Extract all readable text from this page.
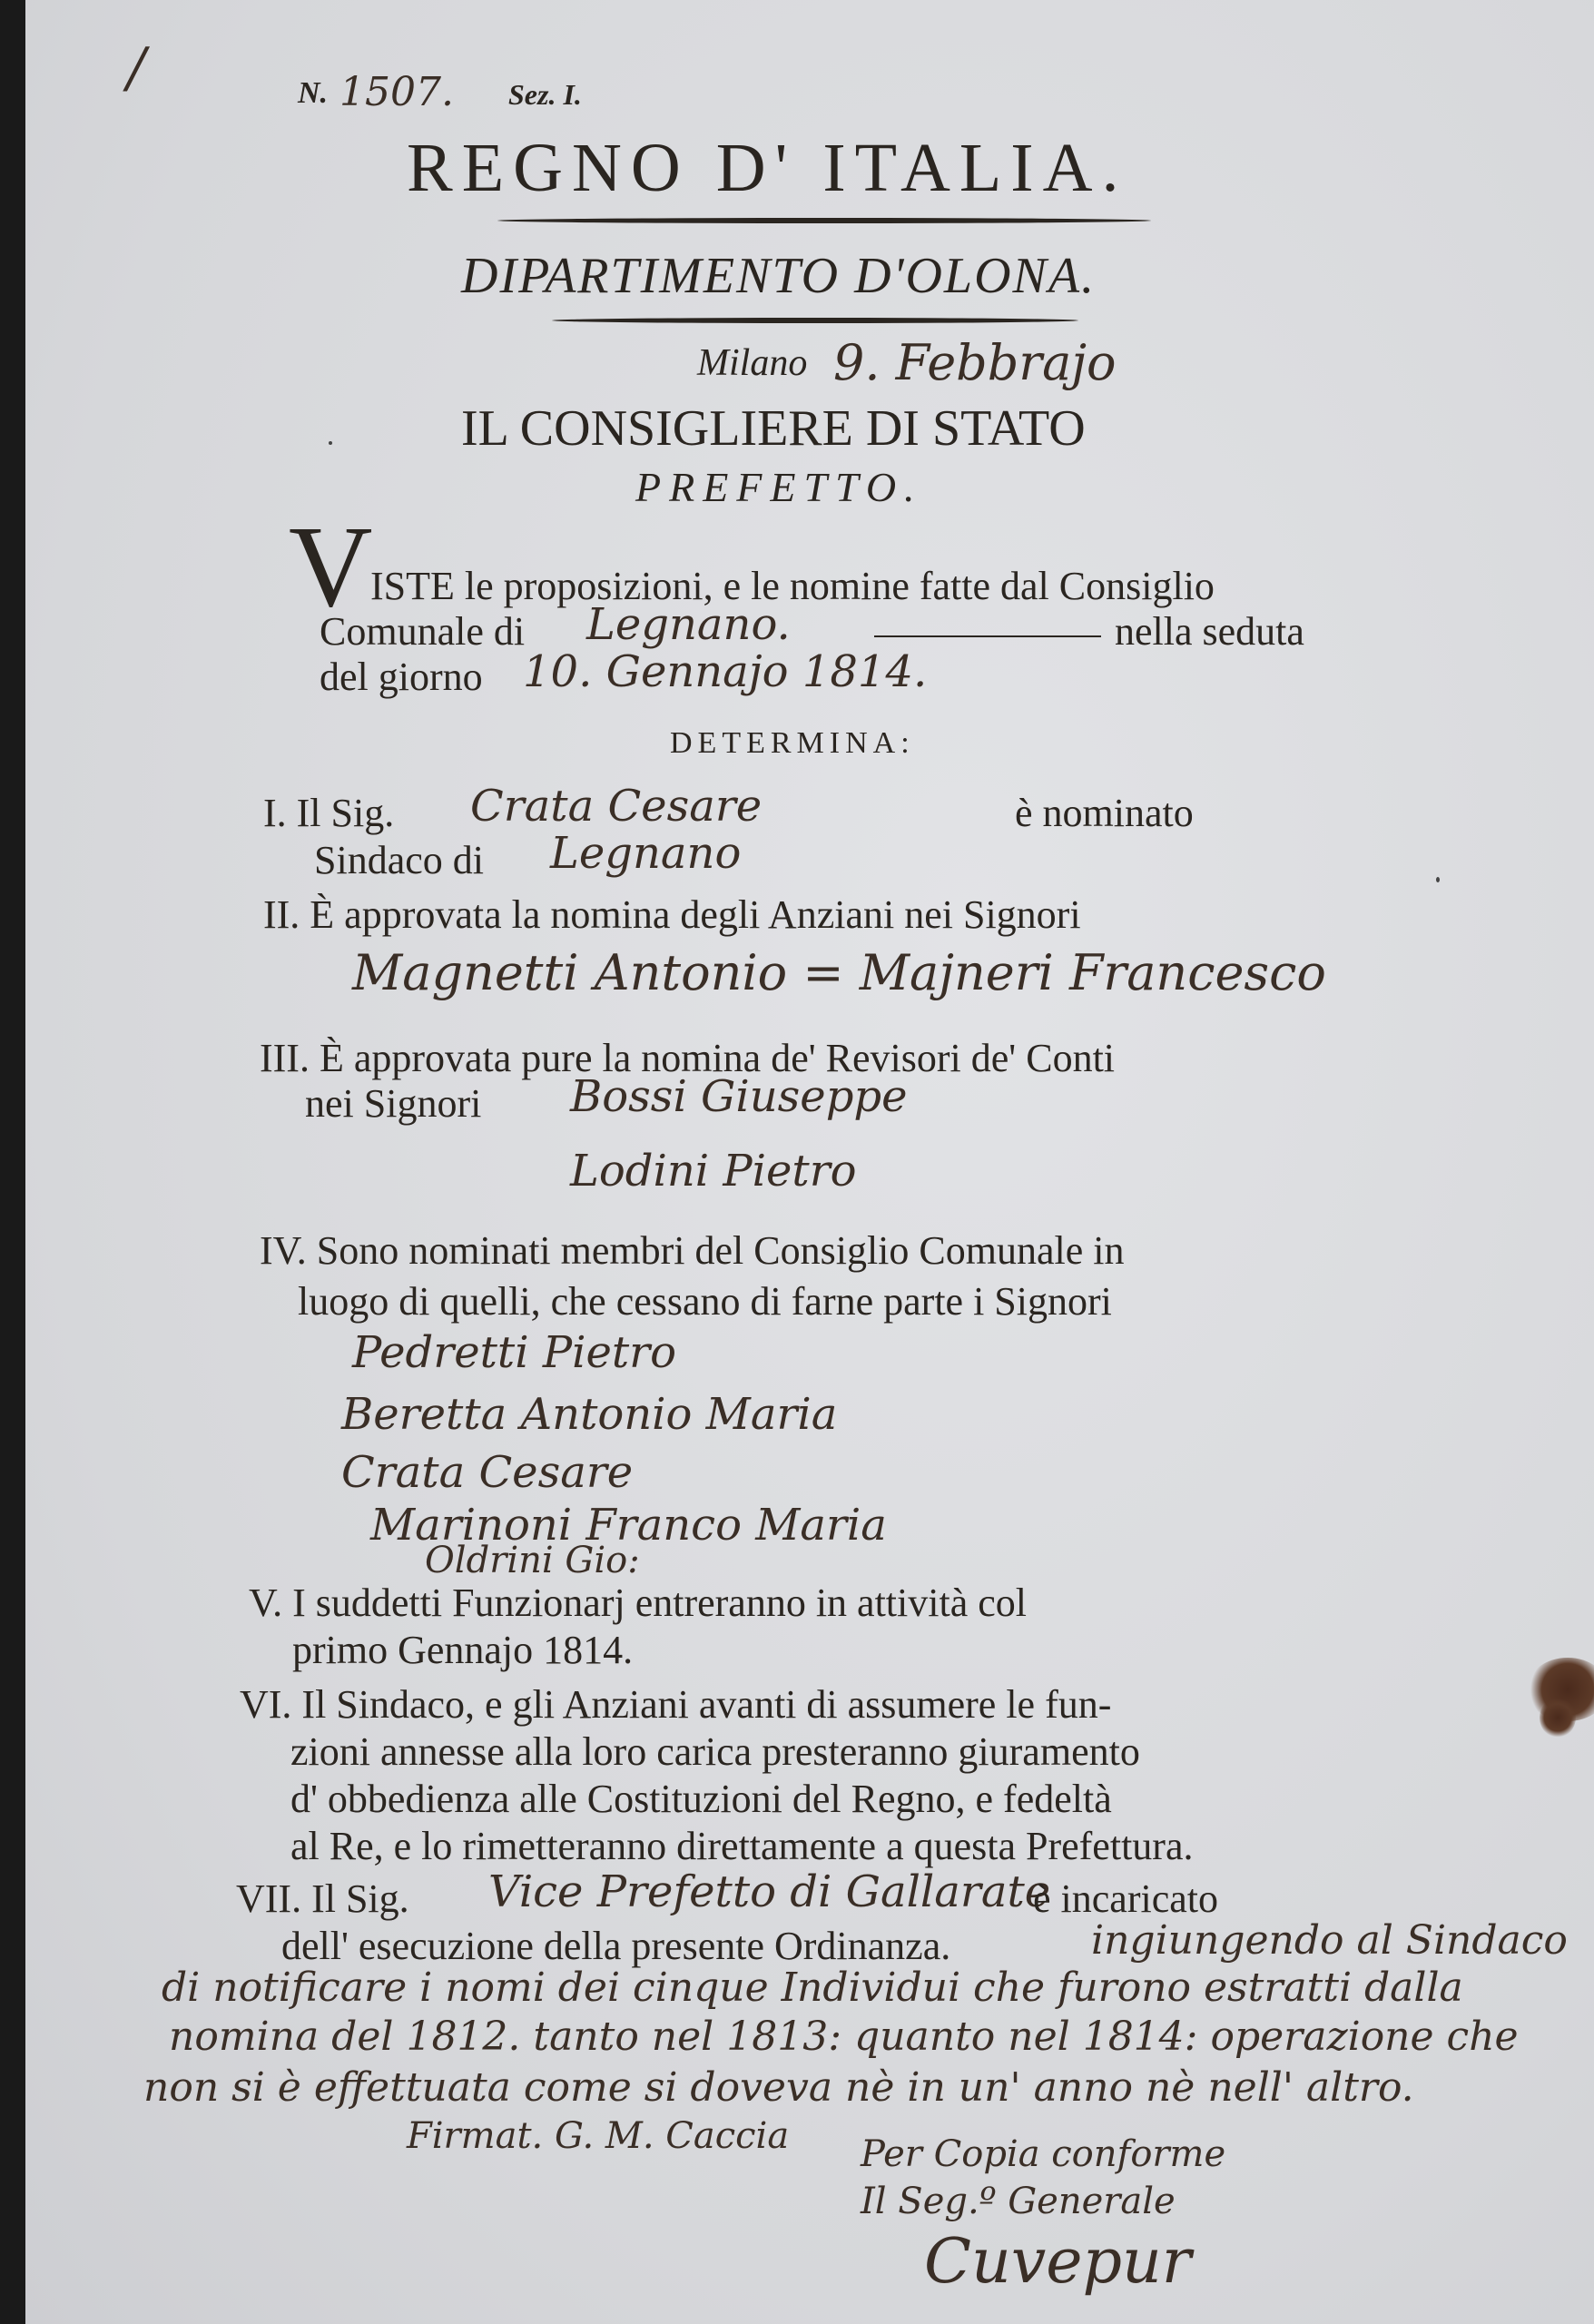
/	N. 1507. Sez. I.
REGNO D' ITALIA.
DIPARTIMENTO D'OLONA.
Milano 9. Febbrajo
IL CONSIGLIERE DI STATO
PREFETTO.
V
ISTE le proposizioni, e le nomine fatte dal Consiglio
Comunale di Legnano.	nella seduta
del giorno 10. Gennajo 1814.
DETERMINA:
I. Il Sig. Crata Cesare	è nominato
Sindaco di Legnano
II. È approvata la nomina degli Anziani nei Signori
Magnetti Antonio = Majneri Francesco
III. È approvata pure la nomina de' Revisori de' Conti
nei Signori Bossi Giuseppe
Lodini Pietro
IV. Sono nominati membri del Consiglio Comunale in
luogo di quelli, che cessano di farne parte i Signori
Pedretti Pietro
Beretta Antonio Maria
Crata Cesare
Marinoni Franco Maria
Oldrini Gio:
V. I suddetti Funzionarj entreranno in attività col
primo Gennajo 1814.
VI. Il Sindaco, e gli Anziani avanti di assumere le fun-
zioni annesse alla loro carica presteranno giuramento
d' obbedienza alle Costituzioni del Regno, e fedeltà
al Re, e lo rimetteranno direttamente a questa Prefettura.
VII. Il Sig. Vice Prefetto di Gallarate
è incaricato
dell' esecuzione della presente Ordinanza.	ingiungendo al Sindaco
di notificare i nomi dei cinque Individui che furono estratti dalla
nomina del 1812. tanto nel 1813: quanto nel 1814: operazione che
non si è effettuata come si doveva nè in un' anno nè nell' altro.
Firmat. G. M. Caccia Per Copia conforme
Il Seg.º Generale
Cuvepur
